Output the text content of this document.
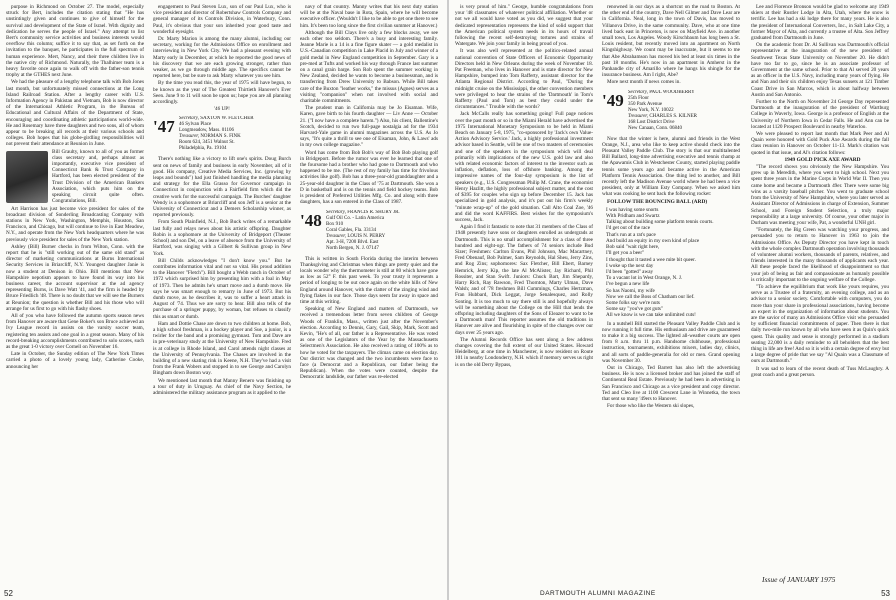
purpose in Richmond on October 27. The model, especially struck for Bert, includes the citation stating that "He has unstintingly given and continues to give of himself for the survival and development of the State of Israel. With dignity and dedication he serves the people of Israel." Any attempt to list Bert's community service activities and business interests would overflow this column; suffice it to say that, as set forth on the invitation to the banquet, he participates in the full spectrum of human experience. Mert, Nancy, and their three children live in the native city of Richmond. Naturally, the Thalhimer team is a heavy favorite once again to walk off with the father-son tennis trophy at the GTHES next June.

We had the pleasure of a lengthy telephone talk with Bob Jones last month, but unfortunately missed connections at the Long Island Railroad Station. After a lengthy career with U.S. Information Agency in Pakistan and Vietnam, Bob is now director of the International Athletic Program, in the Bureau of Educational and Cultural Affairs of the Department of State, encouraging and coordinating athletic participations world-wide. He and Rosemary have three daughters and two sons, all of whom appear to be breaking all records at their various schools and colleges. Bob hopes that his globe-girdling responsibilities will not prevent their attendance at Reunion in June.

Bill Graulty, known to all of you as former class secretary and, perhaps almost as importantly, executive vice president of Connecticut Bank & Trust Company in Hartford, has been elected president of the Trust Division of the American Bankers Association, which puts him on the speaking circuit quite often. Congratulations, Bill.

Art Harrison has just become vice president for sales of the broadcast division of Sonderling Broadcasting Company with stations in New York, Washington, Memphis, Houston, San Francisco, and Chicago, but will continue to live in East Meadow, N.Y., and operate from the New York headquarters where he was previously vice president for sales of the New York station.

Ashley (Bill) Burner checks in from Wilton, Conn. with the report that he is "still working out of the same old stand" as director of marketing communications at Burns International Security Services in Briarcliff, N.Y. Youngest daughter Janie is now a student at Denison in Ohio. Bill mentions that New Hampshire nepotism appears to have found its way into his business career, the account supervisor at the ad agency representing Burns, is Dave Watt '41, and the firm is headed by Bruce Friedlich '48. There is no doubt that we will see the Burners at Reunion; the question is whether Bill and his those who will arrange for us first to go with his flashy shoes.

All of you who have followed the autumn sports season news from Hanover are aware that Gene Boker's son Bruce achieved an Ivy League record in assists on the varsity soccer team, registering ten assists and one goal in a great season. Many of his record-breaking accomplishments contributed to solo scores, such as the great 1-0 victory over Cornell on November 16.

Late in October, the Sunday edition of The New York Times carried a photo of a lovely young lady, Catherine Cooke, announcing her

engagement to Paul Steven Lux, son of our Paul Lux, who is vice president and director of Robertshaw Controls Company and general manager of its Controls Division, in Waterbury, Conn. Paul, it's obvious that your son inherited your good taste and wonderful eyesight.

Dr. Marty Marion is among the many alumni, including our secretary, working for the Admissions Office on enrollment and interviewing in New York City. We had a pleasant evening with Marty early in December, at which he reported the good news of his discovery that we are each growing stronger, rather than weaker, as we go through middle age. The specifics cannot be reported here, but be sure to ask Marty whatever you see him.

By the time you read this, the year of 1975 will have begun, to be known as the year of The Greatest Thirtieth Hanover's Ever Seen. June 9 to 11 will soon be upon us; hope you are all planning accordingly.

'46 UP!

'47 Secretary, SAXTON W. FLETCHER
46 Sylvan Place
Longmeadow, Mass. 01106
Treasurer, NORMAN S. FINK
Room 624, 3451 Walnut St.
Philadelphia, Pa. 19104

There's nothing like a victory to lift one's spirits. Doug Burch sent on news of family and business in early November, all of it good. His company, Creative Media Services, Inc. (growing by leaps and bounds") had just finished handling the media planning and strategy for the Ella Grasso for Governor campaign in Connecticut in conjunction with a Fairfield firm which did the creative work for the successful campaign. The Burches' daughter Wendy is a sophomore at Briarcliff and son Jeff is a senior at the University of Connecticut and a Demers Scholarship winner, as reported previously.

From South Plainfield, N.J., Bob Buck writes of a remarkable last fully and relays news about his artistic offspring. Daughter Robin is a sophomore at the University of Bridgeport (Theater School) and son Del, on a leave of absence from the University of Hartford, was singing with a Gilbert & Sullivan group in New York.

Bill Childs acknowledges "I don't know you." But he contributes information vital and not so vital. His proud addition to the Hanover "Fletch"). Bill bought a Webb ranch in October of 1972 which surprised him by presenting him with a foal in May of 1973. Then he admits he's smart move and a dumb move. He says he was smart enough to remarry in June of 1973. But his dumb move, as he describes it, was to suffer a heart attack in August of '74. Thus we are sorry to hear. Bill also tells of the purchase of a springer puppy, by woman, but refuses to classify this as smart or dumb.

Ham and Dottie Chase are down to two children at home. Bob, a high school freshman, is a hockey player and Sue, a junior, is a twirler for the band and a promising gymnast. Tom and Dave are in pre-veterinary study at the University of New Hampshire. Fred is at college in Rhode Island, and Carol attends night classes at the University of Pennsylvania. The Chases are involved in the building of a new skating rink in Keene, N.H. They've had a visit from the Frank Wobers and stopped in to see George and Carolyn Bingham down Boston way.

We mentioned last month that Manny Benero was finishing up a tour of duty in Uruguay. As chief of the Navy Section, he administered the military assistance program as it applied to the

navy of that country. Manny writes that his next duty station will be at the Naval base in Rota, Spain, where he will become executive officer. (Wouldn't I like to be able to get one there to see him. It's been too long since the first civilian summer at Hanover.)

Although the Bill Clays live only a few blocks away, we see each other too seldom. There's a busy and interesting family. Jeanne Marie is a 14 is a fine figure skater — a gold medalist in U.S.-Canadian competition in Lake Placid in July and winner of a gold medal in New England competition in September. Gary is a pre-med at Tufts and worked his way through France last summer on a canal grain barge. Son Rob spent the summer working in New Zealand, decided he wants to become a businessman, and is transferring from Drew University to Babson. While Bill takes care of the Buxton "leather works," the missus (Agnes) serves as a visiting "companion" when not involved with social and charitable commitments.

The prudent man in California may be Jo Eisaman. Wife, Karen, gave birth to his fourth daughter — Liv Anne — October 21. ("I now have a complete harem.") Also, his client, Ballentine's Scotch, decided to run two full-page nostalgia ad for the 1934 Harvard-Yale game in alumni magazines across the U.S. As Jo says, "It's quite a thrill to see one of Eisaman, John, & Laws' ads in my own college magazine."

Word has come from Bob Bob's way of Bob Bob playing golf in Bridgeport. Before the rumor was ever he learned that one of the foursome had a brother who had gone to Dartmouth and who happened to be me. (The rest of my family has time for frivolous activities like golf). Bob has a three-year-old granddaughter and a 25-year-old daughter in the Class of '75 at Dartmouth. She won a D in basketball and is on the tennis and field hockey teams. Bob is president of Preferred Utilities Mfg. Co. and along with three daughters, has a son entered in the Class of 1987.

'48 Secretary, FRANCIS R. SHURY JR.
Gulf Oil Co. - Latin America
Box 910
Coral Gables, Fla. 33134
Treasurer, LOUIS N. PERRY
Apt. 3-H, 7200 Blvd. East
North Bergen, N. J. 07147

This is written in South Florida during the interim between Thanksgiving and Christmas when things are pretty quiet and the locals wonder why the thermometer is still at 80 which have gone as low as 52° F. this past week. To your trusty it represents a period of longing to be out once again on the white hills of New England around Hanover, with the clatter of the zinging wind and flying flakes in our face. Those days seem far away in space and time at this writing.

Speaking of New England and matters of Dartmouth, we received a tremendous letter from seven children of George Woods of Franklin, Mass., written just after the November's election. According to Dennis, Gary, Gail, Skip, Mark, Scott and Kevin, "He's of all, our father is a Representative. He was voted as one of the Legislators of the Year by the Massachusetts Selectmen's Association. He also received a rating of 100% as to how he voted for the taxpayers. The climax came on election day. Our district was changed and the two incumbents were face to face (a Democrat and a Republican, our father being the Republican). When the votes were counted, despite the Democratic landslide, our father was re-elected

is very proud of him." George, humble congratulations from your '48 classmates of whatever political affiliation. Whether or not we all would have voted as you did, we suggest that your dedicated representation represents the kind of solid support that the American political system needs in its hours of travail following the recent self-destroying tortures and strains of Watergate. We join your family in being proud of you.

It was also well represented at the politics-related annual national convention of State Officers of Economic Opportunity Directors held in New Orleans during the week of November 18. Pat Freeman, who lives in Hanover and is state director for New Hampshire, bumped into Tom Rafferty, assistant director for the Atlanta Regional District. According to Paul, "During the midnight cruise on the Mississippi, the other convention members were privileged to hear the strains of the 'Dartmouth' in Tom's Rafferty (Paul and Tom) as best they could under the circumstances." Trouble with the words?

Jack McCalls really has something going! Full page notices over the past month or so in the Miami Herald have advertised the 1975 International Monetary Symposium to be held in Miami Beach on January 5-8, 1975, "co-sponsored by 'Jack's own Value-Action Advisory Service.' Jack, a highly professional investment advisor based in Seattle, will be one of two masters of ceremonies and one of the speakers in the symposium which will deal primarily with implications of the new U.S. gold law and also with related economic factors of interest to the investor such as inflation, deflation, loss of offshore banking. Among the impressive names of the four-day symposium is the list of speakers (e.g., U.S. Congressman Philip M. Crane, the economist Henry Hazlitt, the highly professional subject matter, and the cost of $395 for couples who sign up before December 15. Jack has specialized in gold analysis, and it's put out his firm's weekly "minute wrap-up" of the gold situation. Call Alto Coal Zoe, '46 and did the word KAFFIRS. Best wishes for the symposium's success, Jack.

Again I find it fantastic to note that 31 members of the Class of 1948 presently have sons or daughters enrolled as undergrads at Dartmouth. This is no small accomplishment for a class of three hundred and eight-ogr. The fathers of 74 seniors include Bud Sizer; Freshmen: Carlton Evans, Phil Johnson, Mac Macartney, Fred Obenauf, Bob Palmer, Sam Reynolds, Hal Sheu, Jerry Zins, and Rog Zins; sophomores: Sax Fletcher, Bill Ebert, Barney Hemrick, Jerry Kip, the late Al McAlister, Jay Richard, Phil Rossiter, and Stan Swift. Juniors: Chuck Bart, Jim Shepardy, Harry Rich, Ray Rawson, Fred Thornton, Marty Ulman, Dave Walsh; and of '78 freshmen Bill Cummings, Charles Hertzman, Fran Hubbard, Dick Leggat, Jorge Senalesquez, and Rolly Sonting. It is too much to say there still is and hopefully always will be something about the College on the Hill that lends the offspring including daughters of the Sons of Eleazer to want to be a Dartmouth man! This reporter assumes the old traditions in Hanover are alive and flourishing in spite of the changes over our days over 25 years ago.

The Alumni Records Office has sent along a few address changes covering the full extent of our United States. Howard Heidelberg, at one time in Manchester, is now resident on Route 101 in nearby Londonderry, N.H. which if memory serves us right is on the old Derry Bypass,

renowned in our days as a shortcut on the road to Boston. At the other end of the country, Dave Nell Gilmer and Dave Lear are in California. Neal, long in the town of Davis, has moved to Villanova Drive, in the same community. Dave, who at one time lived back east in Princeton, is now on Mayfield Ave. in another small town, Los Angeles. Woody Kirschbaum has long been a St. Louis resident, but recently moved into an apartment on North Kingshighway. We count may be inaccurate, but it seems to me that Abe Abrahamson has moved his bed at least six times in the past 18 months. He's now in an apartment in Amherst in the Panhandle city of Amarillo where he hangs his shingle for the insurance business. Am I right, Abe?

More next month if news comes in.

'49 Secretary, PAUL WOODBERRY
25th Floor
350 Park Avenue
New York, N.Y. 10022
Treasurer, CHARLES S. KILNER
168 Lost District Drive
New Canaan, Conn. 06840

Now that the winter is here, alumni and friends in the West Orange, N.J., area who like to keep active should check into the Pleasant Valley Paddle Club. The story is that our multitalented Bill Ballard, long-time advertising executive and tennis champ at the Apawamis Club in Westchester County, started playing paddle tennis some years ago and became active in the American Platform Tennis Association. One thing led to another, and Bill recently left the Madison Avenue world where he had been a vice president, only at William Esty Company. When we asked him what was cooking he sent back the following rocket:

FOLLOW THE BOUNCING BALL (ARD)

I was having some snorts
With Pridham and Swartz
Talking about building some platform tennis courts.
I'd get out of the race
That's run at a rat's pace
And build an equity in my own kind of place
Bob said "wait right here,
I'll get you a beer"
I thought that it tasted a wee mite bit queer.
I woke up the next day
I'd been "gotted" away
To a vacant lot in West Orange, N. J.
I've begun a new life
So has Naomi, my wife
Now we call the Boss of Chatham our lief.
Some folks say we're nuts
Some say "you've got guts"
All we know is we can take unlimited cuts!

In a nutshell Bill started the Pleasant Valley Paddle Club and is now running it full time. His enthusiasm and drive are guaranteed to make it a big success. The lighted all-weather courts are open from 8 a.m. thru 11 p.m. Handsome clubhouse, professional instruction, tournaments, exhibitions mixers, ladies day, clinics, and all sorts of paddle-generalia for old or men. Grand opening was November 30.

Out in Chicago, Ted Barrett has also left the advertising business. He is now a licensed broker and has joined the staff of Continental Real Estate. Previously he had been in advertising in San Francisco and Chicago as a vice president and copy director. Ted and Cleo live at 1100 Crescent Lane in Winnetka, the town that sent so many '49ers to Hanover.

For those who like the Western ski slopes,

Lee and Florence Bronson would be glad to welcome any 1949 skiers at their Rustler Lodge in Alta, Utah, where the snow is terrific. Lee has had a ski lodge there for many years. He is also the president of International Converters, Inc., in Salt Lake City, a former Mayor of Alta, and currently a trustee of Alta. Son Jeffrey graduated from Dartmouth in June.

On the academic front Dr. Al Sullivan was Dartmouth's official representative at the inauguration of the new president of Southwest Texas State University on November 20. He didn't have too far to go, since he is an associate professor of Government at the same school. Prior to that Al served 20 years as an officer in the U.S. Navy, including many years of flying. He and Nan and their six children enjoy Texas sunsets at 121 Timber Coast Drive in San Marcos, which is about halfway between Austin and San Antonio.

Further to the North on November 24 George Day represented Dartmouth at the inauguration of the president of Wartburg College in Waverly, Iowa. George is a professor of English at the University of Northern Iowa in Cedar Falls. He and Ann can be located at 1120 Prospect Boulevard in nearby Waterloo.

We were pleased to report last month that Mark Peer and Al Quain were honored with Gold Puck Axe Awards during the fall class reunion in Hanover on October 11-13. Mark's citation was quoted in that issue, and Al's citation follows:

1949 GOLD PICK AXE AWARD

"The record shows you obviously the New Hampshire. You grew up in Meredith, where you went to high school. Next you spent three years in the Marine Corps in World War II. Then you came home and became a Dartmouth 49er. There were some big wins as a varsity baseball pitcher. You went to graduate school from the University of New Hampshire, where you later served as Assistant Director of Admissions in charge of Extension, Summer School, and Foreign Student Selection, a truly major responsibility at a large university. Of course, your other major in Durham was meeting your wife, Pat, a wonderful UNH girl.

"Fortunately, the Big Green was watching your progress, and persuaded you to return to Hanover in 1963 to join the Admissions Office. As Deputy Director you have kept in touch with the whole complex Dartmouth operation involving thousands of volunteer alumni workers, thousands of parents, relatives, and friends interested in the many thousands of applicants each year. All these people faced the likelihood of disappointment so that your job of being as fair and compassionate as humanly possible is critically important to the ongoing welfare of the College.

"To achieve the equilibrium that work like yours requires, you serve as a Trustee of a fraternity, an evening college, and as an advisor to a senior society. Comfortable with computers, you do more than your share in professional associations, having become an expert in the organization of information about students. You are the savior of many an Admissions Office visit who persuaded by sufficient financial commitments of paper. Then there is that daily two-mile run known by all who have seen it as Quin's quick quest. This quality and sense is strongly performed in a stadium seating 22,000 is a daily reminder to all beholders that the best thing in life are free! And so it is with a certain degree of envy but a large degree of pride that we say "Al Quain was a Classmate of ours at Dartmouth."

It was sad to learn of the recent death of Tuss McLaughry. A great coach and a great person.

52	DARTMOUTH ALUMNI MAGAZINE
Issue of JANUARY 1975
53
